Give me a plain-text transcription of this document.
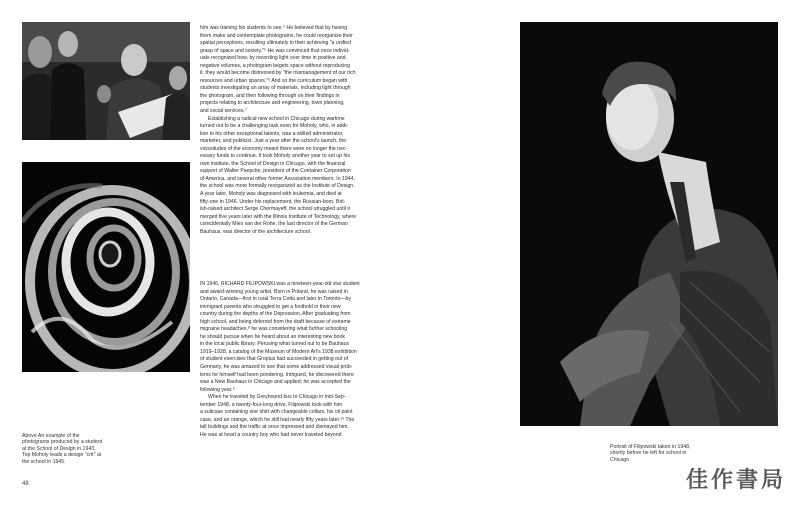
Above An example of the
photograms produced by a student
at the School of Design in 1943.
Top Moholy leads a design "crit" at
the school in 1945.
Portrait of Filipowski taken in 1948,
shortly before he left for school in
Chicago
him was training his students to see.⁴ He believed that by having
them make and contemplate photograms, he could reorganize their
spatial perceptions, resulting ultimately in their achieving "a unified
grasp of space and society."⁵ He was convinced that once individ-
uals recognized how, by recording light over time in positive and
negative volumes, a photogram begets space without reproducing
it, they would become distressed by "the mismanagement of our rich
resources and urban spaces."⁶ And so the curriculum began with
students investigating an array of materials, including light through
the photogram, and then following through on their findings in
projects relating to architecture and engineering, town planning,
and social services.⁷
Establishing a radical new school in Chicago during wartime
turned out to be a challenging task even for Moholy, who, in addi-
tion to his other exceptional talents, was a skilled administrator,
marketer, and publicist. Just a year after the school's launch, the
vicissitudes of the economy meant there were no longer the nec-
essary funds to continue. It took Moholy another year to set up his
own institute, the School of Design in Chicago, with the financial
support of Walter Paepcke, president of the Container Corporation
of America, and several other former Association members. In 1944,
the school was more formally reorganized as the Institute of Design.
A year later, Moholy was diagnosed with leukemia, and died at
fifty-one in 1946. Under his replacement, the Russian-born, Brit-
ish-raised architect Serge Chermayeff, the school struggled until it
merged five years later with the Illinois Institute of Technology, where
coincidentally Mies van der Rohe, the last director of the German
Bauhaus, was director of the architecture school.
IN 1946, RICHARD FILIPOWSKI was a nineteen-year-old star student
and award-winning young artist. Born in Poland, he was raised in
Ontario, Canada—first in rural Terra Cotta and later in Toronto—by
immigrant parents who struggled to get a foothold in their new
country during the depths of the Depression. After graduating from
high school, and being deferred from the draft because of extreme
migraine headaches,⁸ he was considering what further schooling
he should pursue when he heard about an interesting new book
in the local public library. Perusing what turned out to be Bauhaus
1919–1928, a catalog of the Museum of Modern Art's 1938 exhibition
of student exercises that Gropius had succeeded in getting out of
Germany, he was amazed to see that some addressed visual prob-
lems he himself had been pondering. Intrigued, he discovered there
was a New Bauhaus in Chicago and applied; he was accepted the
following year.⁹
When he traveled by Greyhound bus to Chicago in mid-Sep-
tember 1948, a twenty-four-long drive, Filipowski took with him
a suitcase containing one shirt with changeable collars, his oil paint
case, and an orange, which he still had nearly fifty years later.¹⁰ The
tall buildings and the traffic at once impressed and dismayed him.
He was at heart a country boy who had never traveled beyond
48	佳作書局
